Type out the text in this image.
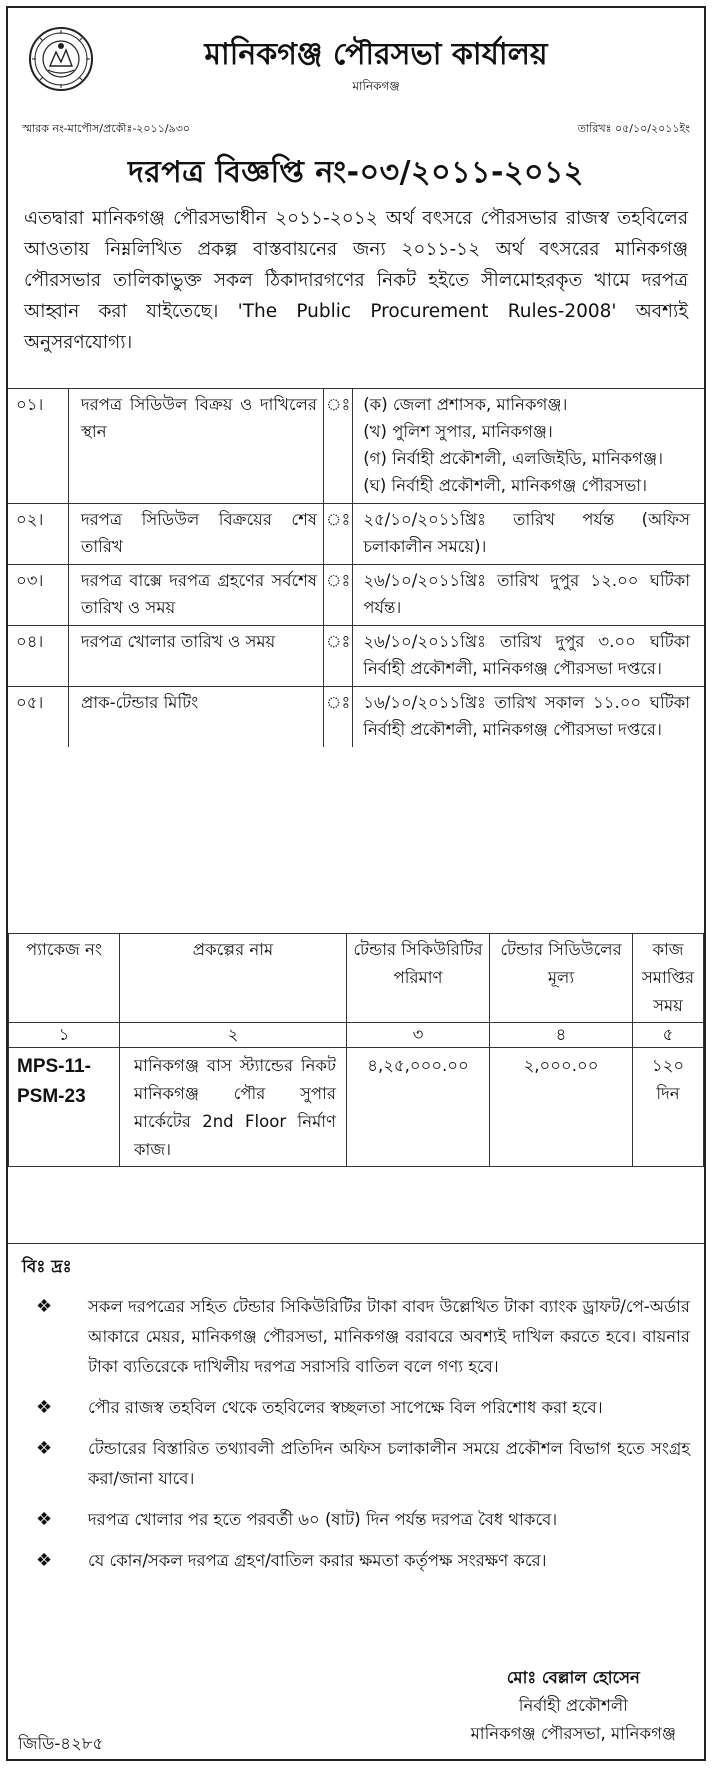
মানিকগঞ্জ পৌরসভা কার্যালয়
মানিকগঞ্জ
স্মারক নং-মাপৌস/প্রকৌঃ-২০১১/৯৩০	তারিখঃ ০৫/১০/২০১১ইং
দরপত্র বিজ্ঞপ্তি নং-০৩/২০১১-২০১২
এতদ্বারা মানিকগঞ্জ পৌরসভাধীন ২০১১-২০১২ অর্থ বৎসরে পৌরসভার রাজস্ব তহবিলের আওতায় নিম্নলিখিত প্রকল্প বাস্তবায়নের জন্য ২০১১-১২ অর্থ বৎসরের মানিকগঞ্জ পৌরসভার তালিকাভুক্ত সকল ঠিকাদারগণের নিকট হইতে সীলমোহরকৃত খামে দরপত্র আহ্বান করা যাইতেছে। 'The Public Procurement Rules-2008' অবশ্যই অনুসরণযোগ্য।
০১।	দরপত্র সিডিউল বিক্রয় ও দাখিলের স্থান	ঃ	(ক) জেলা প্রশাসক, মানিকগঞ্জ।
(খ) পুলিশ সুপার, মানিকগঞ্জ।
(গ) নির্বাহী প্রকৌশলী, এলজিইডি, মানিকগঞ্জ।
(ঘ) নির্বাহী প্রকৌশলী, মানিকগঞ্জ পৌরসভা।

০২।	দরপত্র সিডিউল বিক্রয়ের শেষ তারিখ	ঃ	২৫/১০/২০১১খ্রিঃ তারিখ পর্যন্ত (অফিস চলাকালীন সময়ে)।
০৩।	দরপত্র বাক্সে দরপত্র গ্রহণের সর্বশেষ তারিখ ও সময়	ঃ	২৬/১০/২০১১খ্রিঃ তারিখ দুপুর ১২.০০ ঘটিকা পর্যন্ত।
০৪।	দরপত্র খোলার তারিখ ও সময়	ঃ	২৬/১০/২০১১খ্রিঃ তারিখ দুপুর ৩.০০ ঘটিকা নির্বাহী প্রকৌশলী, মানিকগঞ্জ পৌরসভা দপ্তরে।
০৫।	প্রাক-টেন্ডার মিটিং	ঃ	১৬/১০/২০১১খ্রিঃ তারিখ সকাল ১১.০০ ঘটিকা নির্বাহী প্রকৌশলী, মানিকগঞ্জ পৌরসভা দপ্তরে।
প্যাকেজ নং	প্রকল্পের নাম	টেন্ডার সিকিউরিটির পরিমাণ	টেন্ডার সিডিউলের মূল্য	কাজ সমাপ্তির সময়
১	২	৩	৪	৫
MPS-11-PSM-23	মানিকগঞ্জ বাস স্ট্যান্ডের নিকট মানিকগঞ্জ পৌর সুপার মার্কেটের 2nd Floor নির্মাণ কাজ।	৪,২৫,০০০.০০	২,০০০.০০	১২০ দিন
বিঃ দ্রঃ
❖ সকল দরপত্রের সহিত টেন্ডার সিকিউরিটির টাকা বাবদ উল্লেখিত টাকা ব্যাংক ড্রাফট/পে-অর্ডার আকারে মেয়র, মানিকগঞ্জ পৌরসভা, মানিকগঞ্জ বরাবরে অবশ্যই দাখিল করতে হবে। বায়নার টাকা ব্যতিরেকে দাখিলীয় দরপত্র সরাসরি বাতিল বলে গণ্য হবে।
❖ পৌর রাজস্ব তহবিল থেকে তহবিলের স্বচ্ছলতা সাপেক্ষে বিল পরিশোধ করা হবে।
❖ টেন্ডারের বিস্তারিত তথ্যাবলী প্রতিদিন অফিস চলাকালীন সময়ে প্রকৌশল বিভাগ হতে সংগ্রহ করা/জানা যাবে।
❖ দরপত্র খোলার পর হতে পরবর্তী ৬০ (ষাট) দিন পর্যন্ত দরপত্র বৈধ থাকবে।
❖ যে কোন/সকল দরপত্র গ্রহণ/বাতিল করার ক্ষমতা কর্তৃপক্ষ সংরক্ষণ করে।
মোঃ বেল্লাল হোসেন
নির্বাহী প্রকৌশলী
মানিকগঞ্জ পৌরসভা, মানিকগঞ্জ
জিডি-৪২৮৫
